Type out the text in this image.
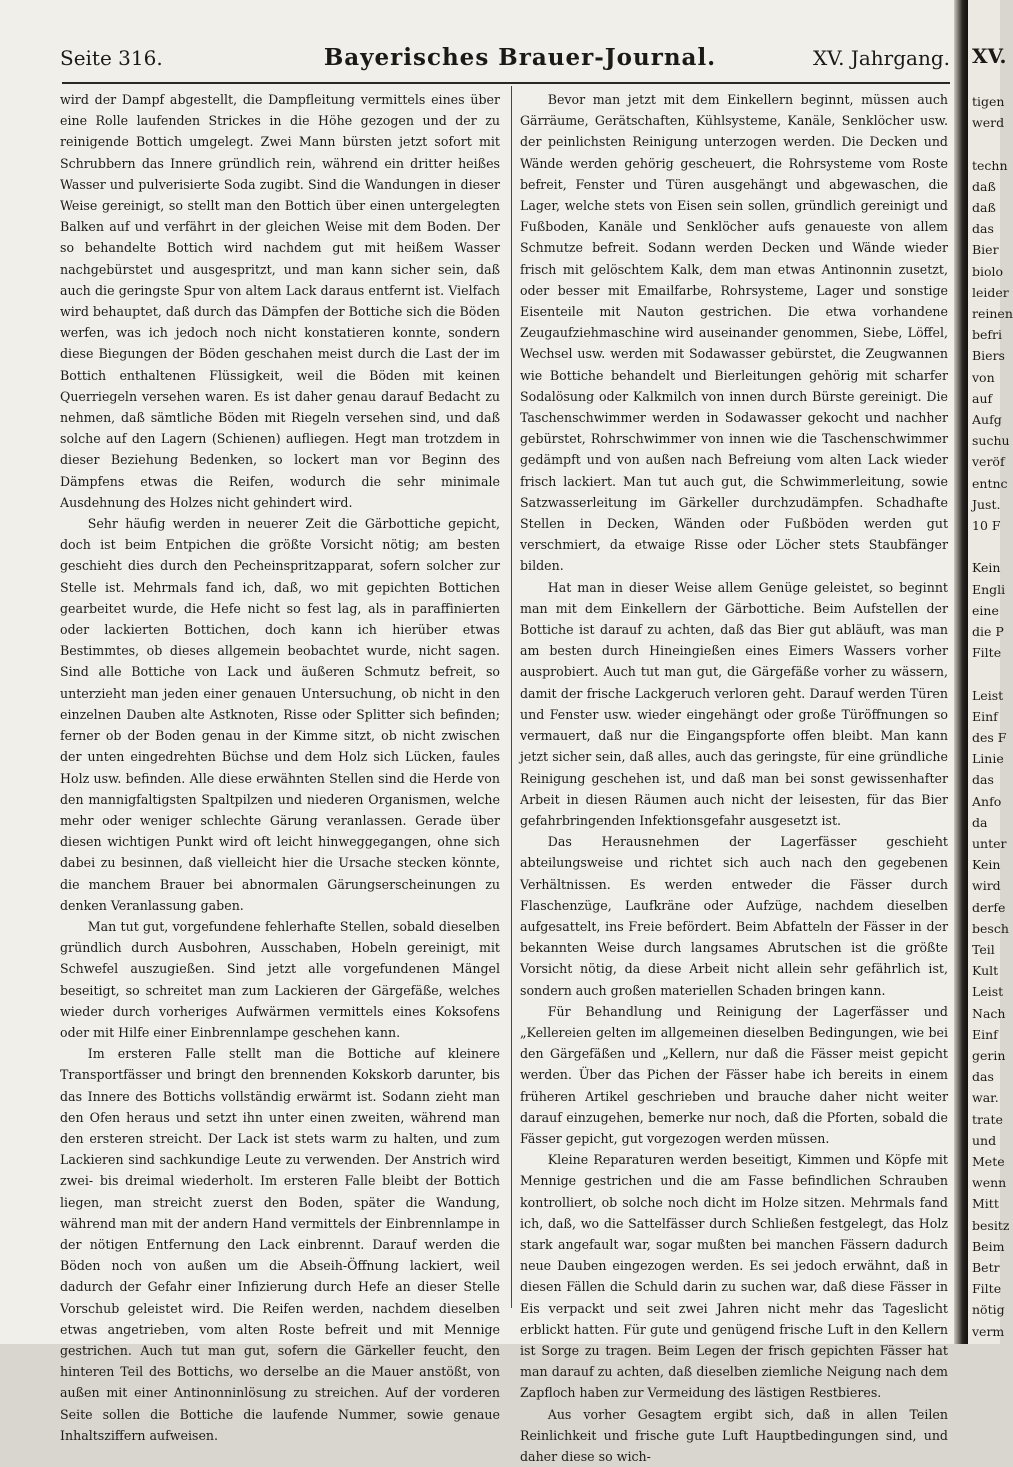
Seite 316.	Bayerisches Brauer-Journal.	XV. Jahrgang.

wird der Dampf abgestellt, die Dampfleitung vermittels eines über eine Rolle laufenden Strickes in die Höhe gezogen und der zu reinigende Bottich umgelegt. Zwei Mann bürsten jetzt sofort mit Schrubbern das Innere gründlich rein, während ein dritter heißes Wasser und pulverisierte Soda zugibt. Sind die Wandungen in dieser Weise gereinigt, so stellt man den Bottich über einen untergelegten Balken auf und verfährt in der gleichen Weise mit dem Boden. Der so behandelte Bottich wird nachdem gut mit heißem Wasser nachgebürstet und ausgespritzt, und man kann sicher sein, daß auch die geringste Spur von altem Lack daraus entfernt ist. Vielfach wird behauptet, daß durch das Dämpfen der Bottiche sich die Böden werfen, was ich jedoch noch nicht konstatieren konnte, sondern diese Biegungen der Böden geschahen meist durch die Last der im Bottich enthaltenen Flüssigkeit, weil die Böden mit keinen Querriegeln versehen waren. Es ist daher genau darauf Bedacht zu nehmen, daß sämtliche Böden mit Riegeln versehen sind, und daß solche auf den Lagern (Schienen) aufliegen. Hegt man trotzdem in dieser Beziehung Bedenken, so lockert man vor Beginn des Dämpfens etwas die Reifen, wodurch die sehr minimale Ausdehnung des Holzes nicht gehindert wird.

Sehr häufig werden in neuerer Zeit die Gärbottiche gepicht, doch ist beim Entpichen die größte Vorsicht nötig; am besten geschieht dies durch den Pecheinspritzapparat, sofern solcher zur Stelle ist. Mehrmals fand ich, daß, wo mit gepichten Bottichen gearbeitet wurde, die Hefe nicht so fest lag, als in paraffinierten oder lackierten Bottichen, doch kann ich hierüber etwas Bestimmtes, ob dieses allgemein beobachtet wurde, nicht sagen. Sind alle Bottiche von Lack und äußeren Schmutz befreit, so unterzieht man jeden einer genauen Untersuchung, ob nicht in den einzelnen Dauben alte Astknoten, Risse oder Splitter sich befinden; ferner ob der Boden genau in der Kimme sitzt, ob nicht zwischen der unten eingedrehten Büchse und dem Holz sich Lücken, faules Holz usw. befinden. Alle diese erwähnten Stellen sind die Herde von den mannigfaltigsten Spaltpilzen und niederen Organismen, welche mehr oder weniger schlechte Gärung veranlassen. Gerade über diesen wichtigen Punkt wird oft leicht hinweggegangen, ohne sich dabei zu besinnen, daß vielleicht hier die Ursache stecken könnte, die manchem Brauer bei abnormalen Gärungserscheinungen zu denken Veranlassung gaben.

Man tut gut, vorgefundene fehlerhafte Stellen, sobald dieselben gründlich durch Ausbohren, Ausschaben, Hobeln gereinigt, mit Schwefel auszugießen. Sind jetzt alle vorgefundenen Mängel beseitigt, so schreitet man zum Lackieren der Gärgefäße, welches wieder durch vorheriges Aufwärmen vermittels eines Koksofens oder mit Hilfe einer Einbrennlampe geschehen kann.

Im ersteren Falle stellt man die Bottiche auf kleinere Transportfässer und bringt den brennenden Kokskorb darunter, bis das Innere des Bottichs vollständig erwärmt ist. Sodann zieht man den Ofen heraus und setzt ihn unter einen zweiten, während man den ersteren streicht. Der Lack ist stets warm zu halten, und zum Lackieren sind sachkundige Leute zu verwenden. Der Anstrich wird zwei- bis dreimal wiederholt. Im ersteren Falle bleibt der Bottich liegen, man streicht zuerst den Boden, später die Wandung, während man mit der andern Hand vermittels der Einbrennlampe in der nötigen Entfernung den Lack einbrennt. Darauf werden die Böden noch von außen um die Abseih-Öffnung lackiert, weil dadurch der Gefahr einer Infizierung durch Hefe an dieser Stelle Vorschub geleistet wird. Die Reifen werden, nachdem dieselben etwas angetrieben, vom alten Roste befreit und mit Mennige gestrichen. Auch tut man gut, sofern die Gärkeller feucht, den hinteren Teil des Bottichs, wo derselbe an die Mauer anstößt, von außen mit einer Antinonninlösung zu streichen. Auf der vorderen Seite sollen die Bottiche die laufende Nummer, sowie genaue Inhaltsziffern aufweisen.

Bevor man jetzt mit dem Einkellern beginnt, müssen auch Gärräume, Gerätschaften, Kühlsysteme, Kanäle, Senklöcher usw. der peinlichsten Reinigung unterzogen werden. Die Decken und Wände werden gehörig gescheuert, die Rohrsysteme vom Roste befreit, Fenster und Türen ausgehängt und abgewaschen, die Lager, welche stets von Eisen sein sollen, gründlich gereinigt und Fußboden, Kanäle und Senklöcher aufs genaueste von allem Schmutze befreit. Sodann werden Decken und Wände wieder frisch mit gelöschtem Kalk, dem man etwas Antinonnin zusetzt, oder besser mit Emailfarbe, Rohrsysteme, Lager und sonstige Eisenteile mit Nauton gestrichen. Die etwa vorhandene Zeugaufziehmaschine wird auseinander genommen, Siebe, Löffel, Wechsel usw. werden mit Sodawasser gebürstet, die Zeugwannen wie Bottiche behandelt und Bierleitungen gehörig mit scharfer Sodalösung oder Kalkmilch von innen durch Bürste gereinigt. Die Taschenschwimmer werden in Sodawasser gekocht und nachher gebürstet, Rohrschwimmer von innen wie die Taschenschwimmer gedämpft und von außen nach Befreiung vom alten Lack wieder frisch lackiert. Man tut auch gut, die Schwimmerleitung, sowie Satzwasserleitung im Gärkeller durchzudämpfen. Schadhafte Stellen in Decken, Wänden oder Fußböden werden gut verschmiert, da etwaige Risse oder Löcher stets Staubfänger bilden.

Hat man in dieser Weise allem Genüge geleistet, so beginnt man mit dem Einkellern der Gärbottiche. Beim Aufstellen der Bottiche ist darauf zu achten, daß das Bier gut abläuft, was man am besten durch Hineingießen eines Eimers Wassers vorher ausprobiert. Auch tut man gut, die Gärgefäße vorher zu wässern, damit der frische Lackgeruch verloren geht. Darauf werden Türen und Fenster usw. wieder eingehängt oder große Türöffnungen so vermauert, daß nur die Eingangspforte offen bleibt. Man kann jetzt sicher sein, daß alles, auch das geringste, für eine gründliche Reinigung geschehen ist, und daß man bei sonst gewissenhafter Arbeit in diesen Räumen auch nicht der leisesten, für das Bier gefahrbringenden Infektionsgefahr ausgesetzt ist.

Das Herausnehmen der Lagerfässer geschieht abteilungsweise und richtet sich auch nach den gegebenen Verhältnissen. Es werden entweder die Fässer durch Flaschenzüge, Laufkräne oder Aufzüge, nachdem dieselben aufgesattelt, ins Freie befördert. Beim Abfatteln der Fässer in der bekannten Weise durch langsames Abrutschen ist die größte Vorsicht nötig, da diese Arbeit nicht allein sehr gefährlich ist, sondern auch großen materiellen Schaden bringen kann.

Für Behandlung und Reinigung der Lagerfässer und „Kellereien gelten im allgemeinen dieselben Bedingungen, wie bei den Gärgefäßen und „Kellern, nur daß die Fässer meist gepicht werden. Über das Pichen der Fässer habe ich bereits in einem früheren Artikel geschrieben und brauche daher nicht weiter darauf einzugehen, bemerke nur noch, daß die Pforten, sobald die Fässer gepicht, gut vorgezogen werden müssen.

Kleine Reparaturen werden beseitigt, Kimmen und Köpfe mit Mennige gestrichen und die am Fasse befindlichen Schrauben kontrolliert, ob solche noch dicht im Holze sitzen. Mehrmals fand ich, daß, wo die Sattelfässer durch Schließen festgelegt, das Holz stark angefault war, sogar mußten bei manchen Fässern dadurch neue Dauben eingezogen werden. Es sei jedoch erwähnt, daß in diesen Fällen die Schuld darin zu suchen war, daß diese Fässer in Eis verpackt und seit zwei Jahren nicht mehr das Tageslicht erblickt hatten. Für gute und genügend frische Luft in den Kellern ist Sorge zu tragen. Beim Legen der frisch gepichten Fässer hat man darauf zu achten, daß dieselben ziemliche Neigung nach dem Zapfloch haben zur Vermeidung des lästigen Restbieres.

Aus vorher Gesagtem ergibt sich, daß in allen Teilen Reinlichkeit und frische gute Luft Hauptbedingungen sind, und daher diese so wich-

XV.
tigen
werd
techn
daß
daß
das
Bier
biolo
leider
reinen
befri
Biers
von
auf
Aufg
suchu
veröf
entnc
Just.
10 F
Kein
Engli
eine
die P
Filte
Leist
Einf
des F
Linie
das
Anfo
da
unter
Kein
wird
derfe
besch
Teil
Kult
Leist
Nach
Einf
gerin
das
war.
trate
und
Mete
wenn
Mitt
besitz
Beim
Betr
Filte
nötig
verm
